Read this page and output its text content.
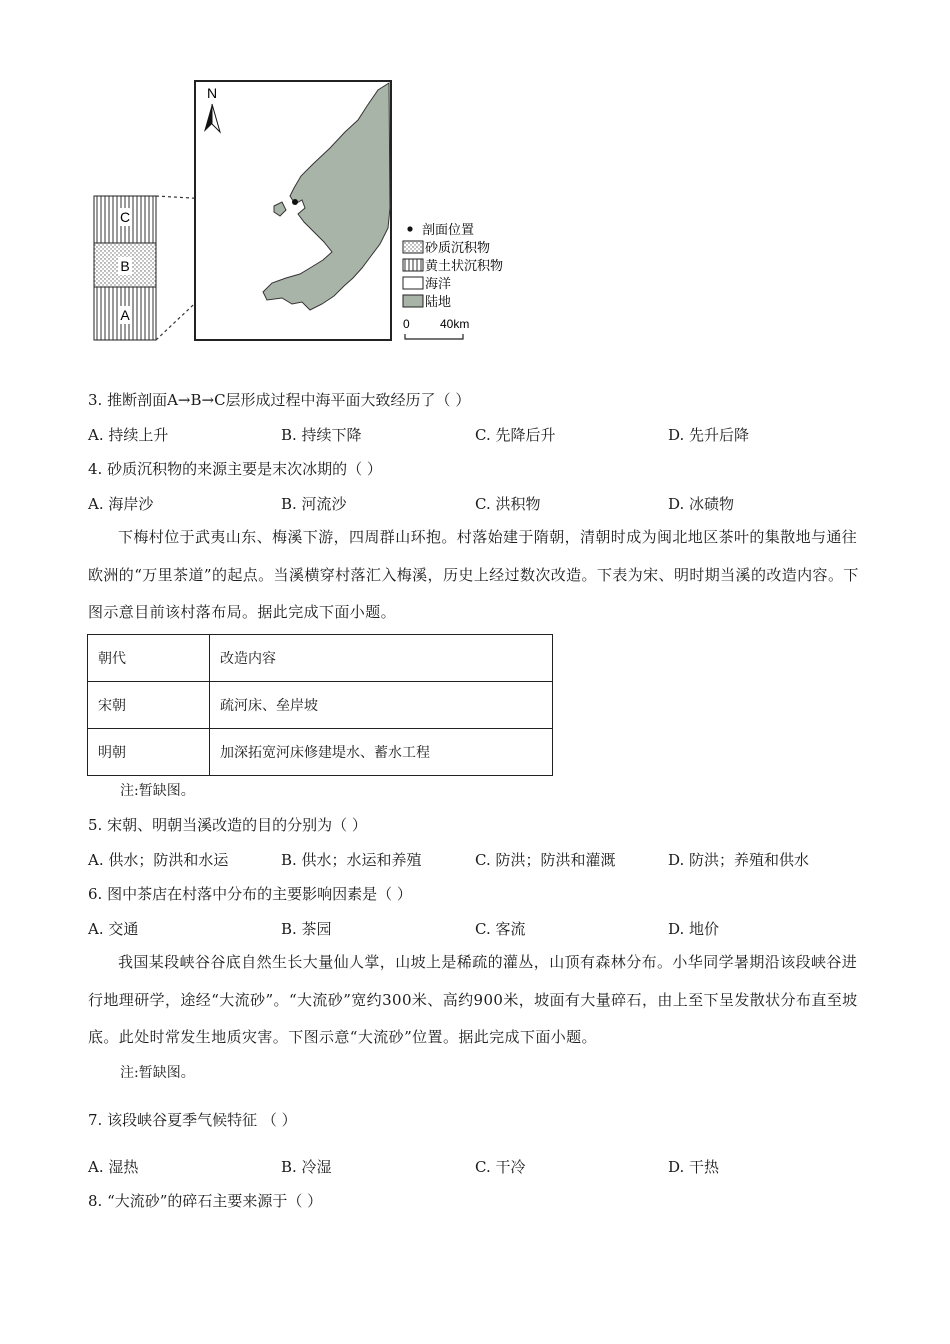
C
B
A
N
剖面位置
砂质沉积物
黄土状沉积物
海洋
陆地
0	40km
3. 推断剖面A→B→C层形成过程中海平面大致经历了（ ）
A. 持续上升	B. 持续下降	C. 先降后升	D. 先升后降
4. 砂质沉积物的来源主要是末次冰期的（ ）
A. 海岸沙	B. 河流沙	C. 洪积物	D. 冰碛物
下梅村位于武夷山东、梅溪下游，四周群山环抱。村落始建于隋朝，清朝时成为闽北地区茶叶的集散地与通往欧洲的“万里茶道”的起点。当溪横穿村落汇入梅溪，历史上经过数次改造。下表为宋、明时期当溪的改造内容。下图示意目前该村落布局。据此完成下面小题。
朝代	改造内容
宋朝	疏河床、垒岸坡
明朝	加深拓宽河床修建堤水、蓄水工程
注:暂缺图。
5. 宋朝、明朝当溪改造的目的分别为（ ）
A. 供水；防洪和水运	B. 供水；水运和养殖	C. 防洪；防洪和灌溉	D. 防洪；养殖和供水
6. 图中茶店在村落中分布的主要影响因素是（ ）
A. 交通	B. 茶园	C. 客流	D. 地价
我国某段峡谷谷底自然生长大量仙人掌，山坡上是稀疏的灌丛，山顶有森林分布。小华同学暑期沿该段峡谷进行地理研学，途经“大流砂”。“大流砂”宽约300米、高约900米，坡面有大量碎石，由上至下呈发散状分布直至坡底。此处时常发生地质灾害。下图示意“大流砂”位置。据此完成下面小题。
注:暂缺图。
7. 该段峡谷夏季气候特征 （ ）
A. 湿热	B. 冷湿	C. 干冷	D. 干热
8. “大流砂”的碎石主要来源于（ ）
